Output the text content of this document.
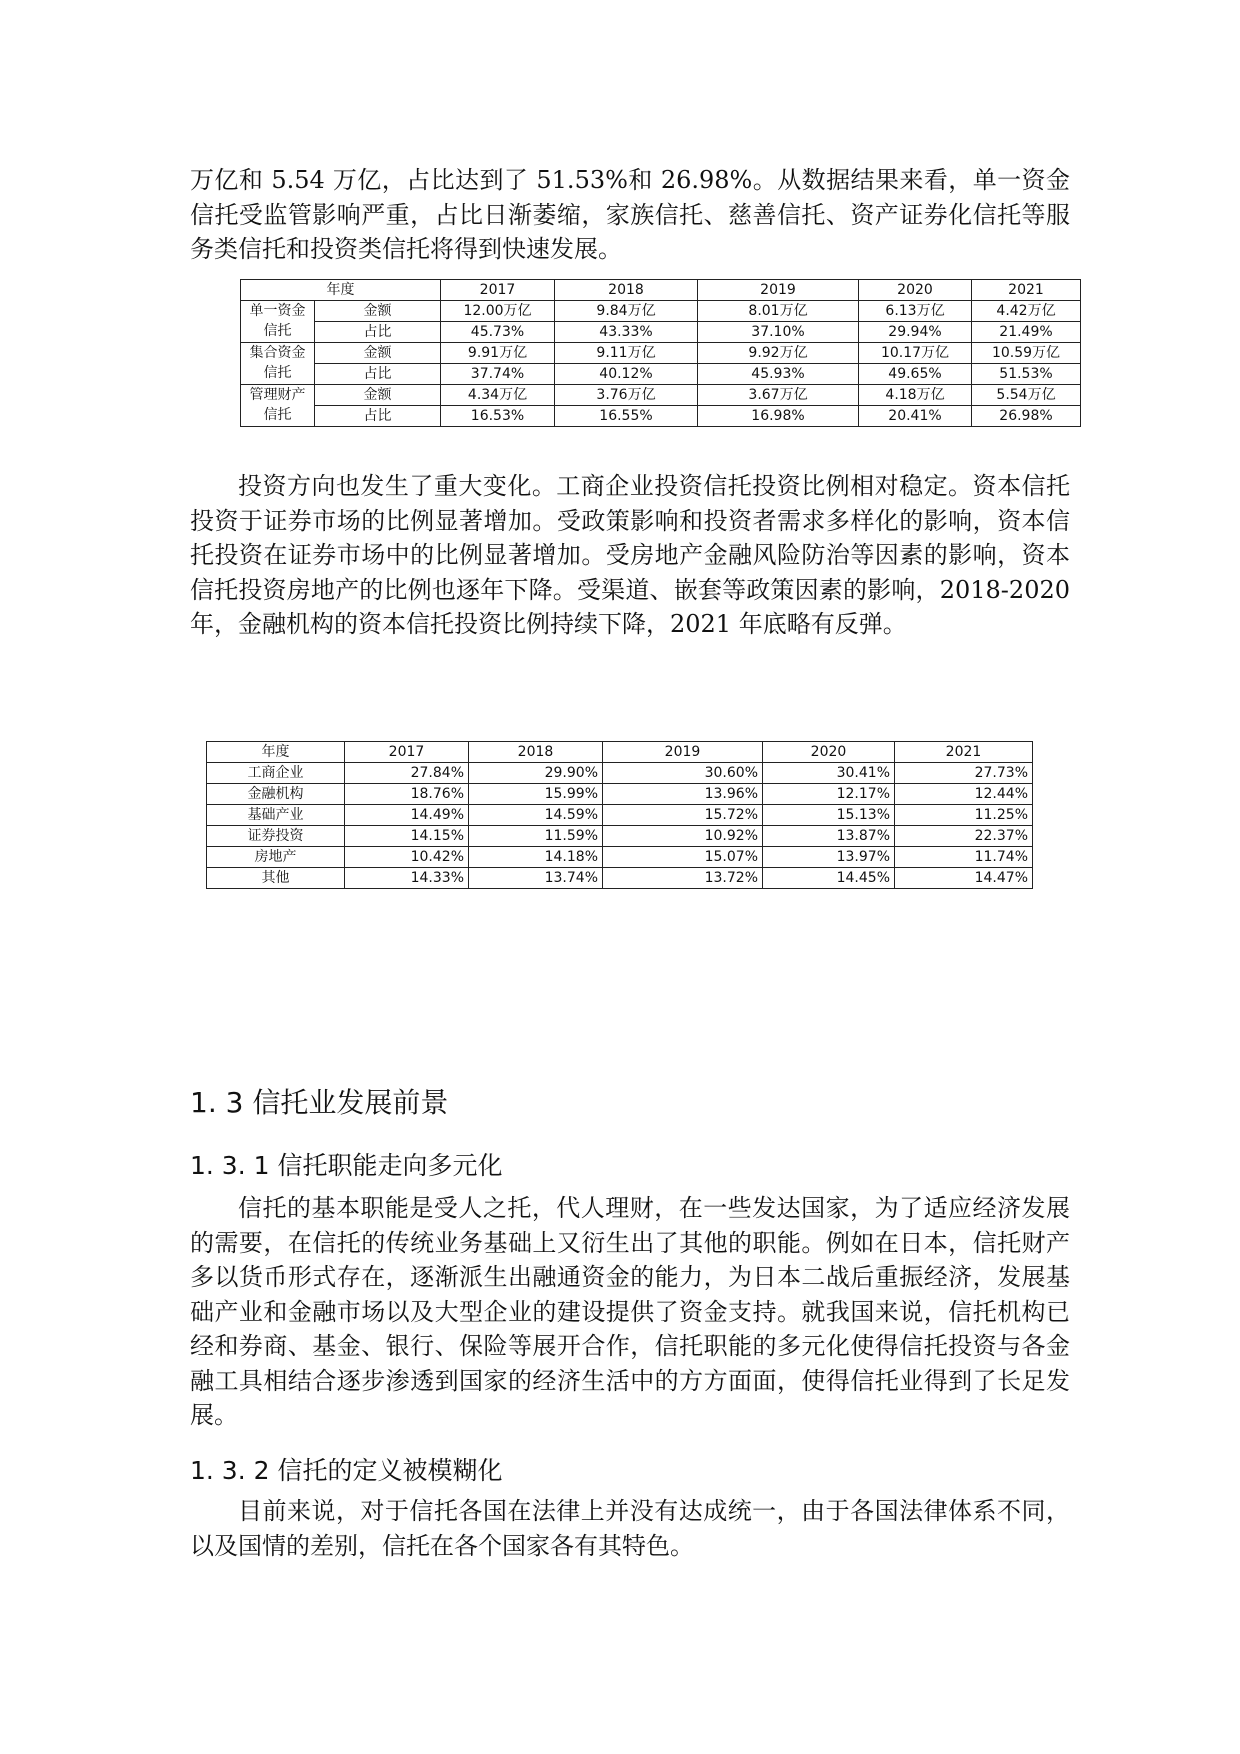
万亿和 5.54 万亿，占比达到了 51.53%和 26.98%。从数据结果来看，单一资金信托受监管影响严重，占比日渐萎缩，家族信托、慈善信托、资产证券化信托等服务类信托和投资类信托将得到快速发展。

年度		2017	2018	2019	2020	2021
单一资金	金额	12.00万亿	9.84万亿	8.01万亿	6.13万亿	4.42万亿
信托	占比	45.73%	43.33%	37.10%	29.94%	21.49%
集合资金	金额	9.91万亿	9.11万亿	9.92万亿	10.17万亿	10.59万亿
信托	占比	37.74%	40.12%	45.93%	49.65%	51.53%
管理财产	金额	4.34万亿	3.76万亿	3.67万亿	4.18万亿	5.54万亿
信托	占比	16.53%	16.55%	16.98%	20.41%	26.98%

投资方向也发生了重大变化。工商企业投资信托投资比例相对稳定。资本信托投资于证券市场的比例显著增加。受政策影响和投资者需求多样化的影响，资本信托投资在证券市场中的比例显著增加。受房地产金融风险防治等因素的影响，资本信托投资房地产的比例也逐年下降。受渠道、嵌套等政策因素的影响，2018-2020 年，金融机构的资本信托投资比例持续下降，2021 年底略有反弹。

年度	2017	2018	2019	2020	2021
工商企业	27.84%	29.90%	30.60%	30.41%	27.73%
金融机构	18.76%	15.99%	13.96%	12.17%	12.44%
基础产业	14.49%	14.59%	15.72%	15.13%	11.25%
证券投资	14.15%	11.59%	10.92%	13.87%	22.37%
房地产	10.42%	14.18%	15.07%	13.97%	11.74%
其他	14.33%	13.74%	13.72%	14.45%	14.47%
1. 3 信托业发展前景
1. 3. 1 信托职能走向多元化

信托的基本职能是受人之托，代人理财，在一些发达国家，为了适应经济发展的需要，在信托的传统业务基础上又衍生出了其他的职能。例如在日本，信托财产多以货币形式存在，逐渐派生出融通资金的能力，为日本二战后重振经济，发展基础产业和金融市场以及大型企业的建设提供了资金支持。就我国来说，信托机构已经和券商、基金、银行、保险等展开合作，信托职能的多元化使得信托投资与各金融工具相结合逐步渗透到国家的经济生活中的方方面面，使得信托业得到了长足发展。

1. 3. 2 信托的定义被模糊化

目前来说，对于信托各国在法律上并没有达成统一，由于各国法律体系不同，以及国情的差别，信托在各个国家各有其特色。
